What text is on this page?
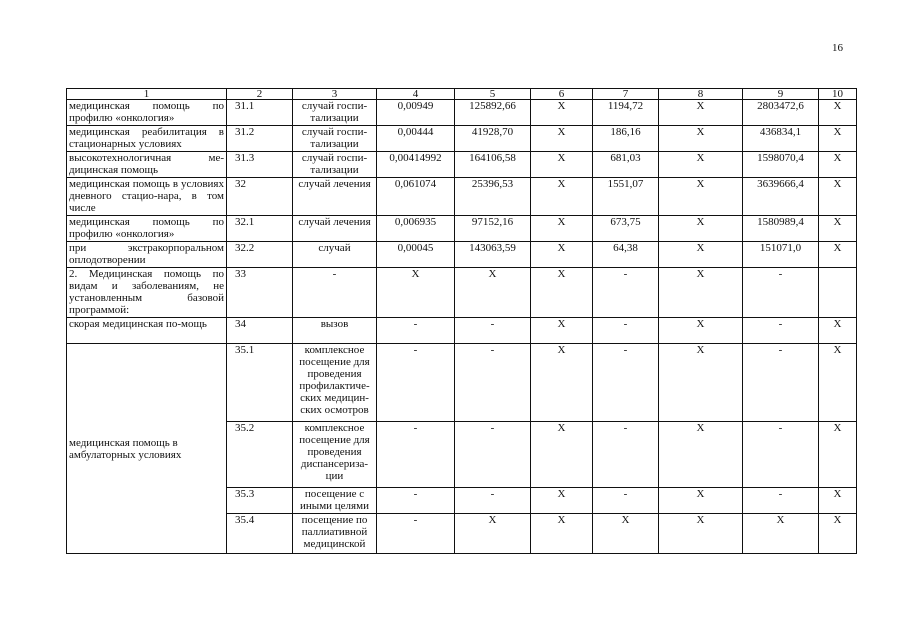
16
1	2	3	4	5	6	7	8	9	10
медицинская помощь по профилю «онкология»	31.1	случай госпи-тализации	0,00949	125892,66	Х	1194,72	Х	2803472,6	Х
медицинская реабилитация в стационарных условиях	31.2	случай госпи-тализации	0,00444	41928,70	Х	186,16	Х	436834,1	Х
высокотехнологичная ме-дицинская помощь	31.3	случай госпи-тализации	0,00414992	164106,58	Х	681,03	Х	1598070,4	Х
медицинская помощь в условиях дневного стацио-нара, в том числе	32	случай лечения	0,061074	25396,53	Х	1551,07	Х	3639666,4	Х
медицинская помощь по профилю «онкология»	32.1	случай лечения	0,006935	97152,16	Х	673,75	Х	1580989,4	Х
при экстракорпоральном оплодотворении	32.2	случай	0,00045	143063,59	Х	64,38	Х	151071,0	Х
2. Медицинская помощь по видам и заболеваниям, не установленным базовой программой:	33	-	Х	Х	Х	-	Х	-	
скорая медицинская по-мощь	34	вызов	-	-	Х	-	Х	-	Х
медицинская помощь в амбулаторных условиях	35.1	комплексное посещение для проведения профилактиче-ских медицин-ских осмотров	-	-	Х	-	Х	-	Х
	35.2	комплексное посещение для проведения диспансериза-ции	-	-	Х	-	Х	-	Х
	35.3	посещение с иными целями	-	-	Х	-	Х	-	Х
	35.4	посещение по паллиативной медицинской	-	Х	Х	Х	Х	Х	Х
